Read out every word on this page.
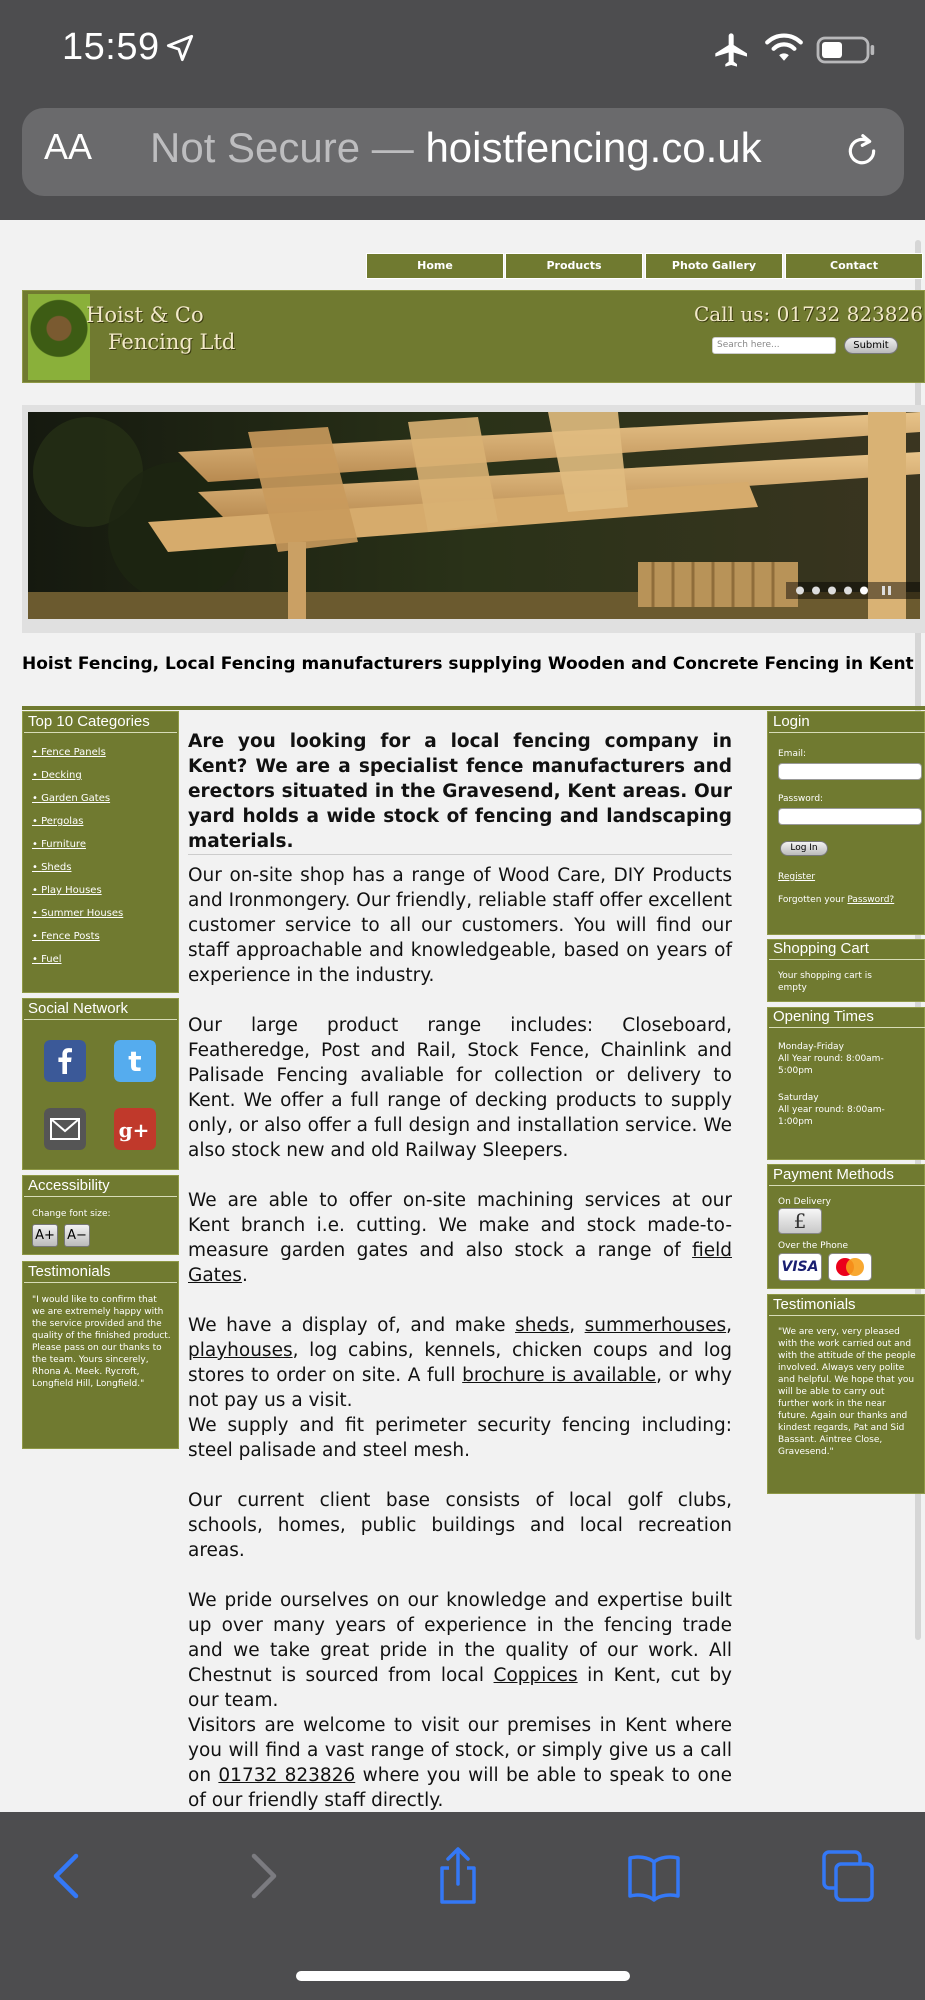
15:59
AA Not Secure — hoistfencing.co.uk
Home	Products	Photo Gallery	Contact
Hoist & Co
Fencing Ltd
Call us: 01732 823826
Search here...	Submit
Hoist Fencing, Local Fencing manufacturers supplying Wooden and Concrete Fencing in Kent
Top 10 Categories
• Fence Panels
• Decking
• Garden Gates
• Pergolas
• Furniture
• Sheds
• Play Houses
• Summer Houses
• Fence Posts
• Fuel
Social Network
t
g+
Accessibility
Change font size:
A+ A−
Testimonials
"I would like to confirm that we are extremely happy with the service provided and the quality of the finished product. Please pass on our thanks to the team. Yours sincerely, Rhona A. Meek. Rycroft, Longfield Hill, Longfield."

Are you looking for a local fencing company in Kent? We are a specialist fence manufacturers and erectors situated in the Gravesend, Kent areas. Our yard holds a wide stock of fencing and landscaping materials.

Our on-site shop has a range of Wood Care, DIY Products and Ironmongery. Our friendly, reliable staff offer excellent customer service to all our customers. You will find our staff approachable and knowledgeable, based on years of experience in the industry.

Our large product range includes: Closeboard, Featheredge, Post and Rail, Stock Fence, Chainlink and Palisade Fencing avaliable for collection or delivery to Kent. We offer a full range of decking products to supply only, or also offer a full design and installation service. We also stock new and old Railway Sleepers.

We are able to offer on-site machining services at our Kent branch i.e. cutting. We make and stock made-to-measure garden gates and also stock a range of field Gates.

We have a display of, and make sheds, summerhouses, playhouses, log cabins, kennels, chicken coups and log stores to order on site. A full brochure is available, or why not pay us a visit.

We supply and fit perimeter security fencing including: steel palisade and steel mesh.

Our current client base consists of local golf clubs, schools, homes, public buildings and local recreation areas.

We pride ourselves on our knowledge and expertise built up over many years of experience in the fencing trade and we take great pride in the quality of our work. All Chestnut is sourced from local Coppices in Kent, cut by our team.

Visitors are welcome to visit our premises in Kent where you will find a vast range of stock, or simply give us a call on 01732 823826 where you will be able to speak to one of our friendly staff directly.

Login
Email:
Password:
Log In
Register
Forgotten your Password?
Shopping Cart
Your shopping cart is empty
Opening Times
Monday-Friday
All Year round: 8:00am-5:00pm
Saturday
All year round: 8:00am-1:00pm
Payment Methods
On Delivery
£
Over the Phone
VISA
Testimonials
"We are very, very pleased with the work carried out and with the attitude of the people involved. Always very polite and helpful. We hope that you will be able to carry out further work in the near future. Again our thanks and kindest regards, Pat and Sid Bassant. Aintree Close, Gravesend."
